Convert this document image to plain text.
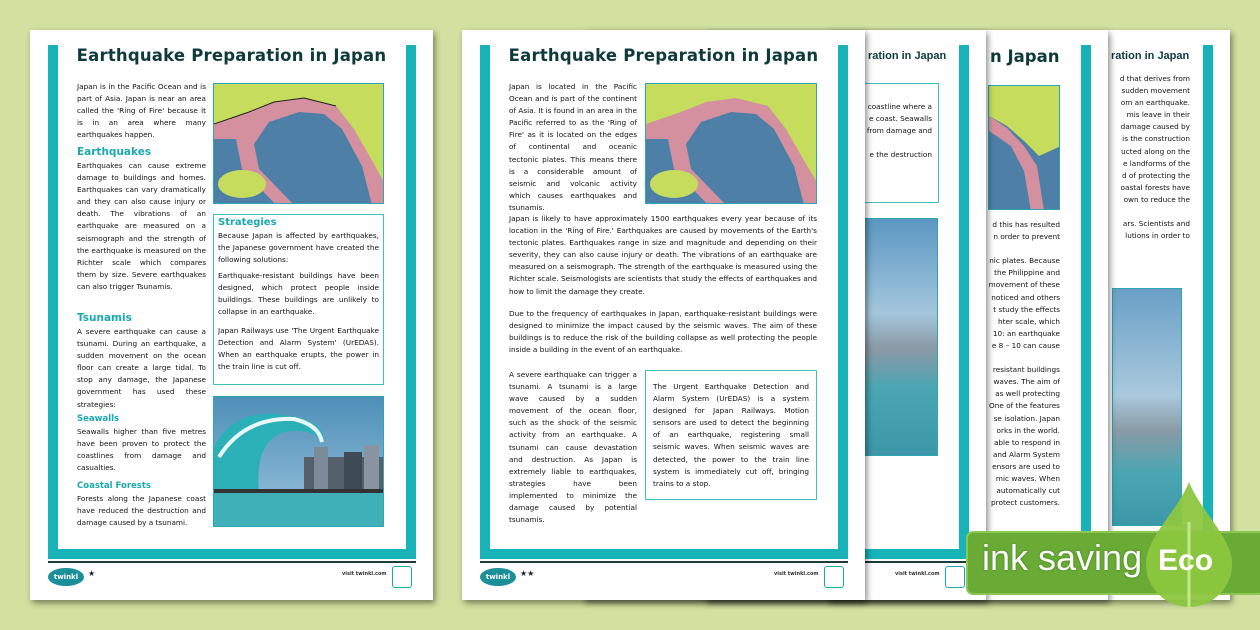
ration in Japan
d that derives from
sudden movement
om an earthquake.
mis leave in their
damage caused by
is the construction
ucted along on the
e landforms of the
d of protecting the
oastal forests have
own to reduce the
ars. Scientists and
lutions in order to
n Japan
d this has resulted
n order to prevent
nic plates. Because
the Philippine and
movement of these
noticed and others
t study the effects
hter scale, which
10: an earthquake
e 8 – 10 can cause
resistant buildings
waves. The aim of
as well protecting
One of the features
se isolation. Japan
orks in the world.
able to respond in
and Alarm System
ensors are used to
mic waves. When
automatically cut
protect customers.
ration in Japan
coastline where a
e coast. Seawalls
from damage and
e the destruction
visit twinkl.com
Earthquake Preparation in Japan
Japan is in the Pacific Ocean and is part of Asia. Japan is near an area called the 'Ring of Fire' because it is in an area where many earthquakes happen.
Earthquakes
Earthquakes can cause extreme damage to buildings and homes. Earthquakes can vary dramatically and they can also cause injury or death. The vibrations of an earthquake are measured on a seismograph and the strength of the earthquake is measured on the Richter scale which compares them by size. Severe earthquakes can also trigger Tsunamis.
Tsunamis
A severe earthquake can cause a tsunami. During an earthquake, a sudden movement on the ocean floor can create a large tidal. To stop any damage, the Japanese government has used these strategies:
Seawalls
Seawalls higher than five metres have been proven to protect the coastlines from damage and casualties.
Coastal Forests
Forests along the Japanese coast have reduced the destruction and damage caused by a tsunami.
Strategies
Because Japan is affected by earthquakes, the Japanese government have created the following solutions:
Earthquake-resistant buildings have been designed, which protect people inside buildings. These buildings are unlikely to collapse in an earthquake.
Japan Railways use 'The Urgent Earthquake Detection and Alarm System' (UrEDAS). When an earthquake erupts, the power in the train line is cut off.
twinkl	★	visit twinkl.com
Earthquake Preparation in Japan
Japan is located in the Pacific Ocean and is part of the continent of Asia. It is found in an area in the Pacific referred to as the 'Ring of Fire' as it is located on the edges of continental and oceanic tectonic plates. This means there is a considerable amount of seismic and volcanic activity which causes earthquakes and tsunamis.
Japan is likely to have approximately 1500 earthquakes every year because of its location in the 'Ring of Fire.' Earthquakes are caused by movements of the Earth's tectonic plates. Earthquakes range in size and magnitude and depending on their severity, they can also cause injury or death. The vibrations of an earthquake are measured on a seismograph. The strength of the earthquake is measured using the Richter scale. Seismologists are scientists that study the effects of earthquakes and how to limit the damage they create.
Due to the frequency of earthquakes in Japan, earthquake-resistant buildings were designed to minimize the impact caused by the seismic waves. The aim of these buildings is to reduce the risk of the building collapse as well protecting the people inside a building in the event of an earthquake.
A severe earthquake can trigger a tsunami. A tsunami is a large wave caused by a sudden movement of the ocean floor, such as the shock of the seismic activity from an earthquake. A tsunami can cause devastation and destruction. As Japan is extremely liable to earthquakes, strategies have been implemented to minimize the damage caused by potential tsunamis.
The Urgent Earthquake Detection and Alarm System (UrEDAS) is a system designed for Japan Railways. Motion sensors are used to detect the beginning of an earthquake, registering small seismic waves. When seismic waves are detected, the power to the train line system is immediately cut off, bringing trains to a stop.
twinkl	★★	visit twinkl.com	ink saving Eco
